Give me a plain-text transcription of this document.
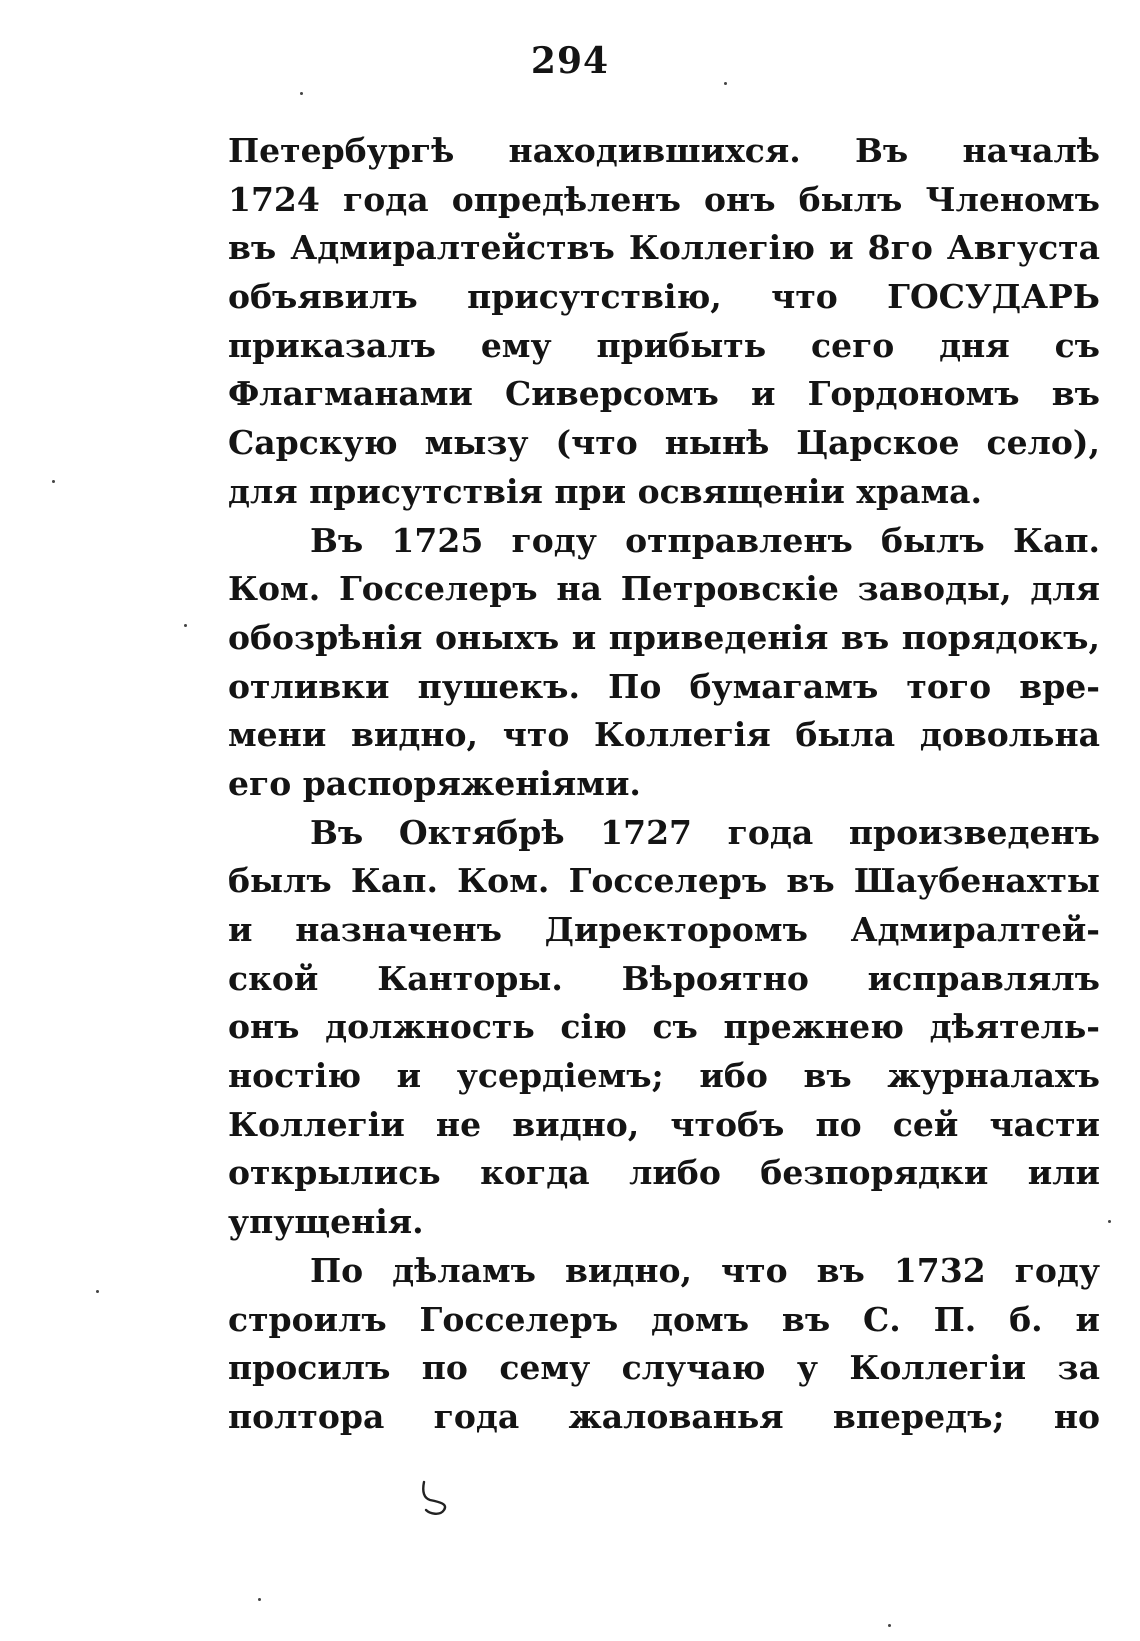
294
Петербургѣ находившихся. Въ началѣ
1724 года опредѣленъ онъ былъ Членомъ
въ Адмиралтействъ Коллегію и 8го Августа
объявилъ присутствію, что ГОСУДАРЬ
приказалъ ему прибыть сего дня съ
Флагманами Сиверсомъ и Гордономъ въ
Сарскую мызу (что нынѣ Царское село),
для присутствія при освященіи храма.
Въ 1725 году отправленъ былъ Кап.
Ком. Госселеръ на Петровскіе заводы, для
обозрѣнія оныхъ и приведенія въ порядокъ,
отливки пушекъ. По бумагамъ того вре-
мени видно, что Коллегія была довольна
его распоряженіями.
Въ Октябрѣ 1727 года произведенъ
былъ Кап. Ком. Госселеръ въ Шаубенахты
и назначенъ Директоромъ Адмиралтей-
ской Канторы. Вѣроятно исправлялъ
онъ должность сію съ прежнею дѣятель-
ностію и усердіемъ; ибо въ журналахъ
Коллегіи не видно, чтобъ по сей части
открылись когда либо безпорядки или
упущенія.
По дѣламъ видно, что въ 1732 году
строилъ Госселеръ домъ въ С. П. б. и
просилъ по сему случаю у Коллегіи за
полтора года жалованья впередъ; но
